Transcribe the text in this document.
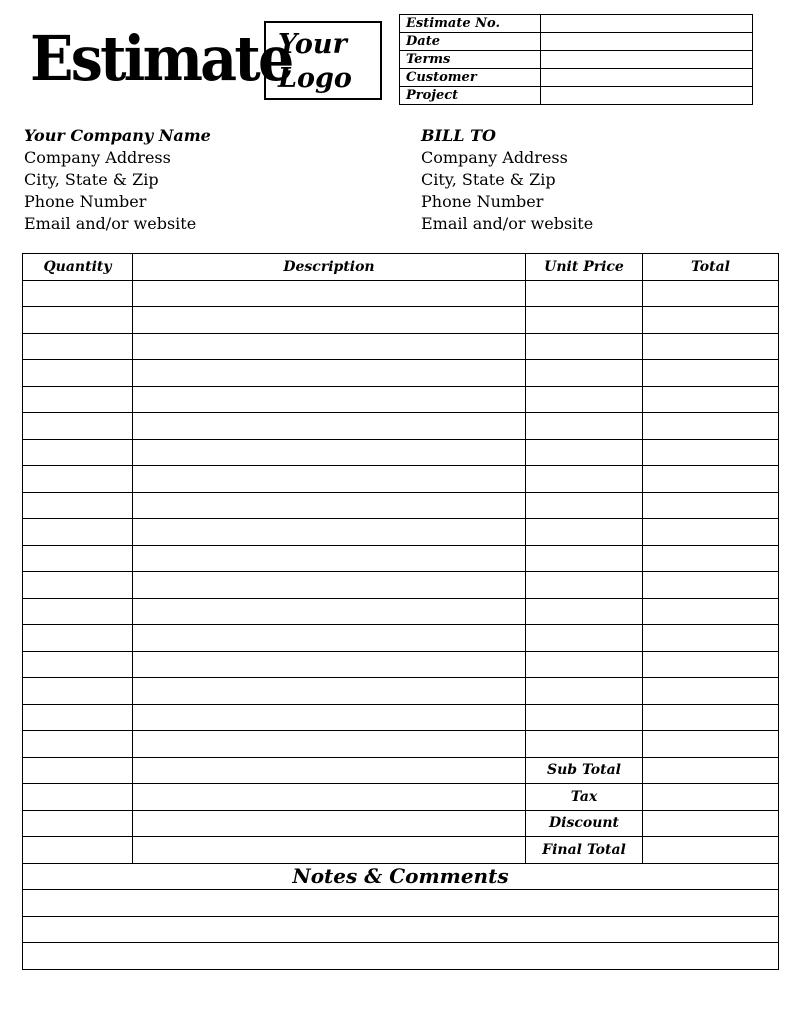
Estimate
Your
Logo
Estimate No.	
Date	
Terms	
Customer	
Project	
Your Company Name
Company Address
City, State & Zip
Phone Number
Email and/or website
BILL TO
Company Address
City, State & Zip
Phone Number
Email and/or website
Quantity	Description	Unit Price	Total

		Sub Total	
		Tax	
		Discount	
		Final Total	
Notes & Comments			
